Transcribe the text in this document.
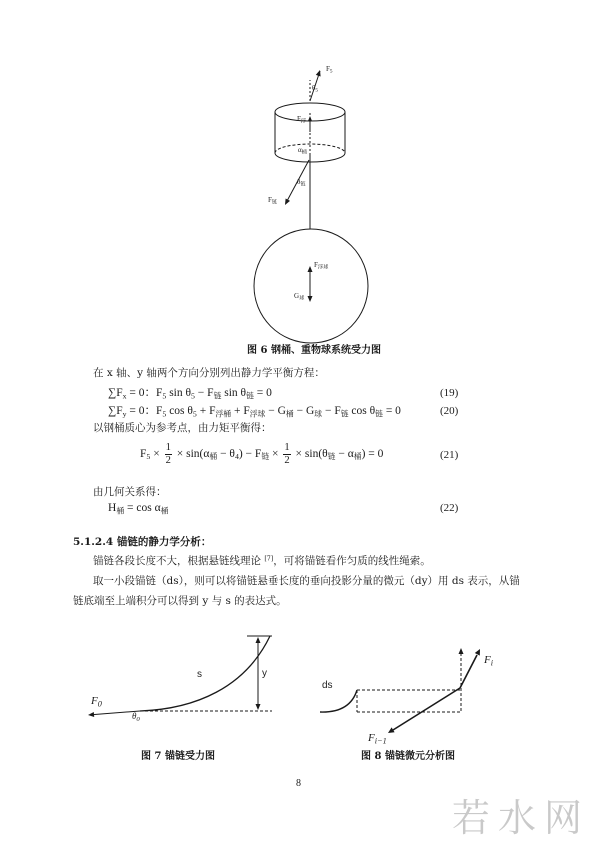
$F_5$
$\theta_5$
$F_浮$
$\alpha_桶$
$\theta_链$
$F_链$
$F_{浮球}$
$G_球$
图 6 钢桶、重物球系统受力图
在 x 轴、y 轴两个方向分别列出静力学平衡方程：
$\sum F_x = 0$：$F_5$ $\sin \theta_5 - F_链$ $\sin \theta_链 = 0$	(19)
$\sum F_y = 0$：$F_5$ $\cos \theta_5 + F_{浮桶} + F_{浮球} - G_桶 - G_球 - F_链$ $\cos \theta_链 = 0$	(20)
以钢桶质心为参考点，由力矩平衡得：
$F_5 \times \frac{1}{2} \times \sin(\alpha_桶 - \theta_4) - F_链 \times \frac{1}{2} \times \sin(\theta_链 - \alpha_桶) = 0$	(21)
由几何关系得：
$H_桶 = \cos \alpha_桶$	(22)
5.1.2.4 锚链的静力学分析：
锚链各段长度不大，根据悬链线理论 [7]，可将锚链看作匀质的线性绳索。
取一小段锚链（ds），则可以将锚链悬垂长度的垂向投影分量的微元（dy）用 ds 表示，从锚链底端至上端积分可以得到 y 与 s 的表达式。
$F_0$
$\theta_0$
s	y
图 7 锚链受力图
ds
$F_i$
$F_{i-1}$
图 8 锚链微元分析图
8
若水网
